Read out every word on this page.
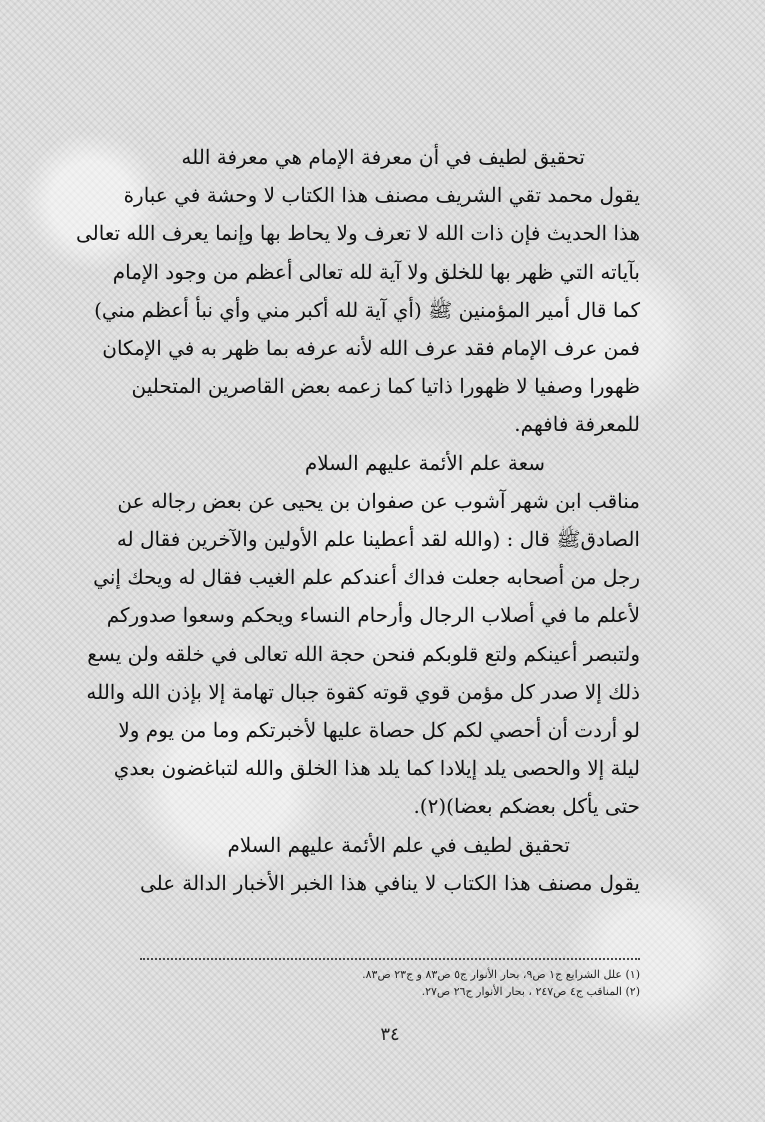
تحقيق لطيف في أن معرفة الإمام هي معرفة الله
يقول محمد تقي الشريف مصنف هذا الكتاب لا وحشة في عبارة
هذا الحديث فإن ذات الله لا تعرف ولا يحاط بها وإنما يعرف الله تعالى
بآياته التي ظهر بها للخلق ولا آية لله تعالى أعظم من وجود الإمام
كما قال أمير المؤمنين ﷺ (أي آية لله أكبر مني وأي نبأ أعظم مني)
فمن عرف الإمام فقد عرف الله لأنه عرفه بما ظهر به في الإمكان
ظهورا وصفيا لا ظهورا ذاتيا كما زعمه بعض القاصرين المتحلين
للمعرفة فافهم.
سعة علم الأئمة عليهم السلام
مناقب ابن شهر آشوب عن صفوان بن يحيى عن بعض رجاله عن
الصادقﷺ قال : (والله لقد أعطينا علم الأولين والآخرين فقال له
رجل من أصحابه جعلت فداك أعندكم علم الغيب فقال له ويحك إني
لأعلم ما في أصلاب الرجال وأرحام النساء ويحكم وسعوا صدوركم
ولتبصر أعينكم ولتع قلوبكم فنحن حجة الله تعالى في خلقه ولن يسع
ذلك إلا صدر كل مؤمن قوي قوته كقوة جبال تهامة إلا بإذن الله والله
لو أردت أن أحصي لكم كل حصاة عليها لأخبرتكم وما من يوم ولا
ليلة إلا والحصى يلد إيلادا كما يلد هذا الخلق والله لتباغضون بعدي
حتى يأكل بعضكم بعضا)(٢).
تحقيق لطيف في علم الأئمة عليهم السلام
يقول مصنف هذا الكتاب لا ينافي هذا الخبر الأخبار الدالة على
(١) علل الشرايع ج١ ص٩، بحار الأنوار ج٥ ص٨٣ و ج٢٣ ص٨٣.
(٢) المناقب ج٤ ص٢٤٧ ، بحار الأنوار ج٢٦ ص٢٧.
٣٤
